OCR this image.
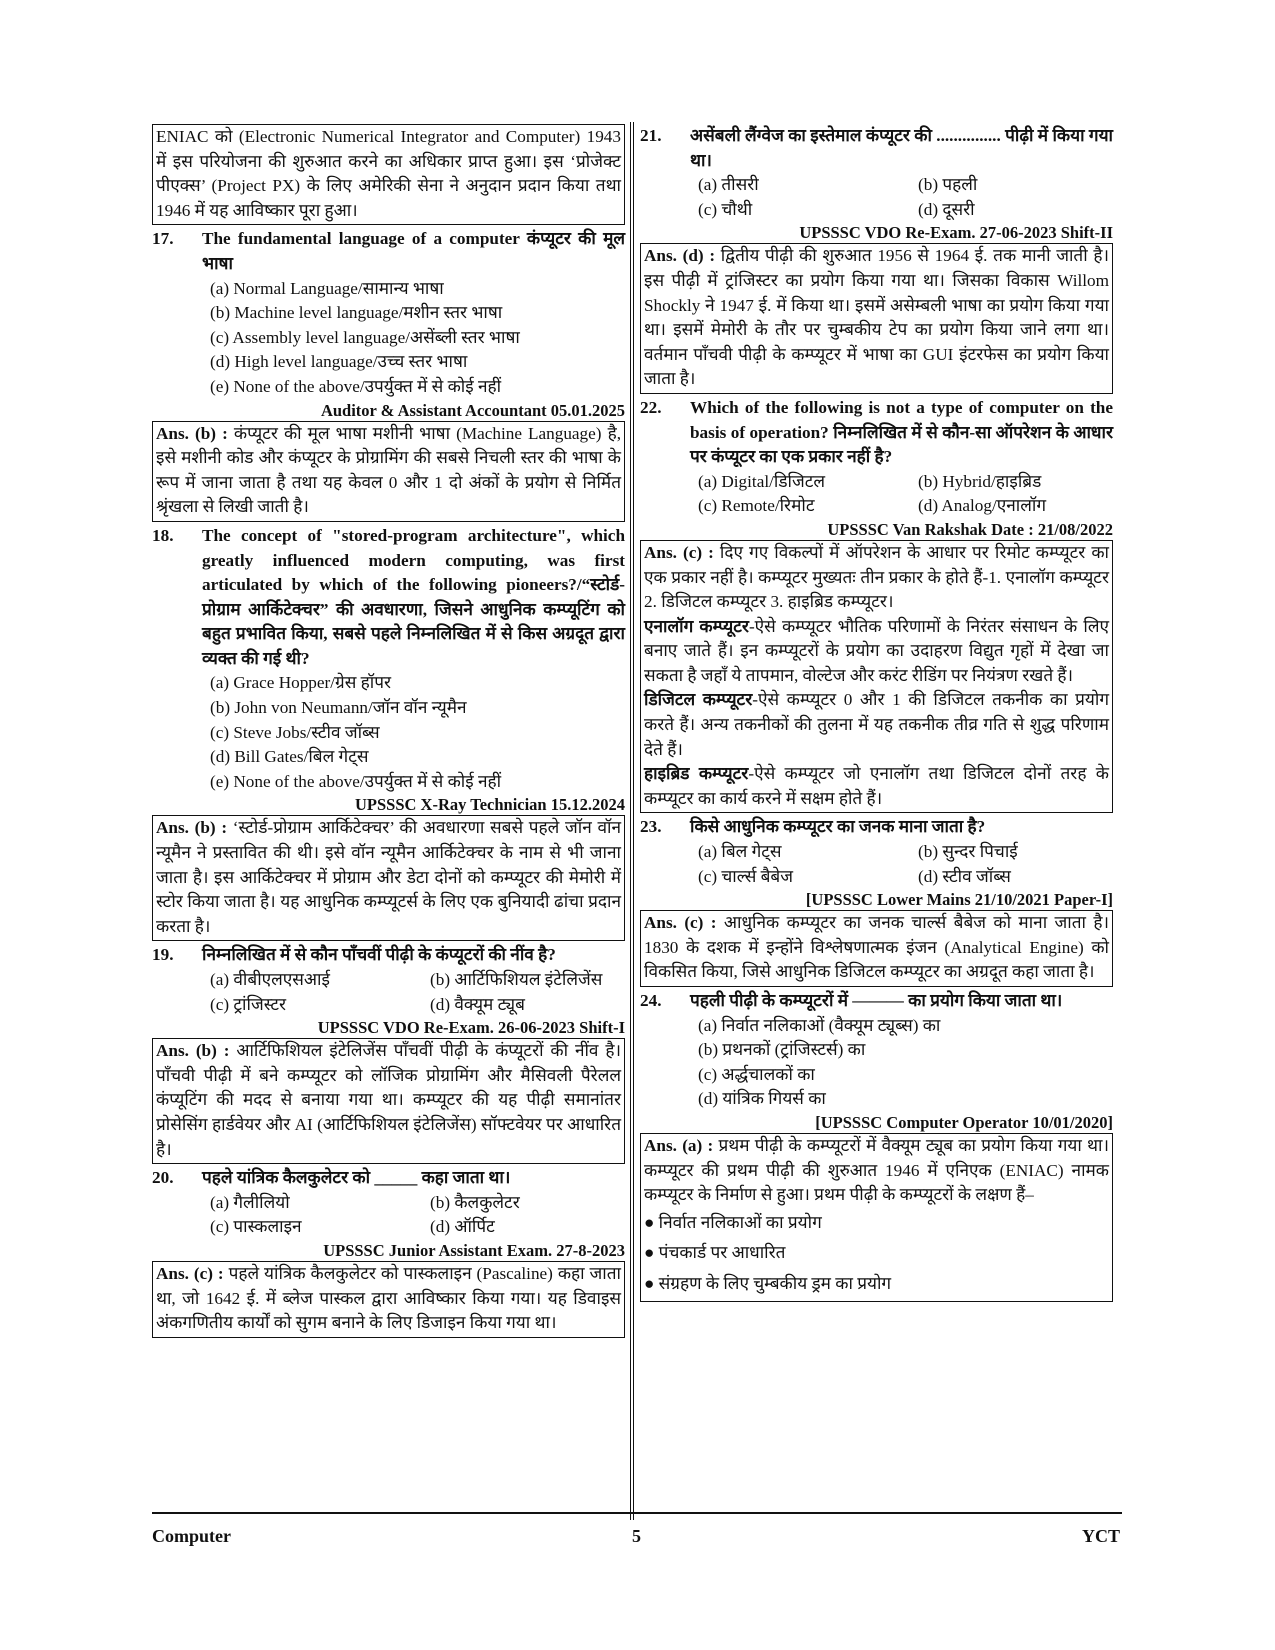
ENIAC को (Electronic Numerical Integrator and Computer) 1943 में इस परियोजना की शुरुआत करने का अधिकार प्राप्त हुआ। इस ‘प्रोजेक्ट पीएक्स’ (Project PX) के लिए अमेरिकी सेना ने अनुदान प्रदान किया तथा 1946 में यह आविष्कार पूरा हुआ।
17.	The fundamental language of a computer कंप्यूटर की मूल भाषा
(a) Normal Language/सामान्य भाषा
(b) Machine level language/मशीन स्तर भाषा
(c) Assembly level language/असेंब्ली स्तर भाषा
(d) High level language/उच्च स्तर भाषा
(e) None of the above/उपर्युक्त में से कोई नहीं
Auditor & Assistant Accountant 05.01.2025
Ans. (b) : कंप्यूटर की मूल भाषा मशीनी भाषा (Machine Language) है, इसे मशीनी कोड और कंप्यूटर के प्रोग्रामिंग की सबसे निचली स्तर की भाषा के रूप में जाना जाता है तथा यह केवल 0 और 1 दो अंकों के प्रयोग से निर्मित श्रृंखला से लिखी जाती है।
18.	The concept of "stored-program architecture", which greatly influenced modern computing, was first articulated by which of the following pioneers?/“स्टोर्ड-प्रोग्राम आर्किटेक्चर” की अवधारणा, जिसने आधुनिक कम्प्यूटिंग को बहुत प्रभावित किया, सबसे पहले निम्नलिखित में से किस अग्रदूत द्वारा व्यक्त की गई थी?
(a) Grace Hopper/ग्रेस हॉपर
(b) John von Neumann/जॉन वॉन न्यूमैन
(c) Steve Jobs/स्टीव जॉब्स
(d) Bill Gates/बिल गेट्स
(e) None of the above/उपर्युक्त में से कोई नहीं
UPSSSC X-Ray Technician 15.12.2024
Ans. (b) : ‘स्टोर्ड-प्रोग्राम आर्किटेक्चर’ की अवधारणा सबसे पहले जॉन वॉन न्यूमैन ने प्रस्तावित की थी। इसे वॉन न्यूमैन आर्किटेक्चर के नाम से भी जाना जाता है। इस आर्किटेक्चर में प्रोग्राम और डेटा दोनों को कम्प्यूटर की मेमोरी में स्टोर किया जाता है। यह आधुनिक कम्प्यूटर्स के लिए एक बुनियादी ढांचा प्रदान करता है।
19.	निम्नलिखित में से कौन पाँचवीं पीढ़ी के कंप्यूटरों की नींव है?
(a) वीबीएलएसआई	(b) आर्टिफिशियल इंटेलिजेंस
(c) ट्रांजिस्टर	(d) वैक्यूम ट्यूब
UPSSSC VDO Re-Exam. 26-06-2023 Shift-I
Ans. (b) : आर्टिफिशियल इंटेलिजेंस पाँचवीं पीढ़ी के कंप्यूटरों की नींव है। पाँचवी पीढ़ी में बने कम्प्यूटर को लॉजिक प्रोग्रामिंग और मैसिवली पैरेलल कंप्यूटिंग की मदद से बनाया गया था। कम्प्यूटर की यह पीढ़ी समानांतर प्रोसेसिंग हार्डवेयर और AI (आर्टिफिशियल इंटेलिजेंस) सॉफ्टवेयर पर आधारित है।
20.	पहले यांत्रिक कैलकुलेटर को _____ कहा जाता था।
(a) गैलीलियो	(b) कैलकुलेटर
(c) पास्कलाइन	(d) ऑर्पिट
UPSSSC Junior Assistant Exam. 27-8-2023
Ans. (c) : पहले यांत्रिक कैलकुलेटर को पास्कलाइन (Pascaline) कहा जाता था, जो 1642 ई. में ब्लेज पास्कल द्वारा आविष्कार किया गया। यह डिवाइस अंकगणितीय कार्यों को सुगम बनाने के लिए डिजाइन किया गया था।
21.	असेंबली लैंग्वेज का इस्तेमाल कंप्यूटर की ............... पीढ़ी में किया गया था।
(a) तीसरी	(b) पहली
(c) चौथी	(d) दूसरी
UPSSSC VDO Re-Exam. 27-06-2023 Shift-II
Ans. (d) : द्वितीय पीढ़ी की शुरुआत 1956 से 1964 ई. तक मानी जाती है। इस पीढ़ी में ट्रांजिस्टर का प्रयोग किया गया था। जिसका विकास Willom Shockly ने 1947 ई. में किया था। इसमें असेम्बली भाषा का प्रयोग किया गया था। इसमें मेमोरी के तौर पर चुम्बकीय टेप का प्रयोग किया जाने लगा था। वर्तमान पाँचवी पीढ़ी के कम्प्यूटर में भाषा का GUI इंटरफेस का प्रयोग किया जाता है।
22.	Which of the following is not a type of computer on the basis of operation? निम्नलिखित में से कौन-सा ऑपरेशन के आधार पर कंप्यूटर का एक प्रकार नहीं है?
(a) Digital/डिजिटल	(b) Hybrid/हाइब्रिड
(c) Remote/रिमोट	(d) Analog/एनालॉग
UPSSSC Van Rakshak Date : 21/08/2022
Ans. (c) : दिए गए विकल्पों में ऑपरेशन के आधार पर रिमोट कम्प्यूटर का एक प्रकार नहीं है। कम्प्यूटर मुख्यतः तीन प्रकार के होते हैं-1. एनालॉग कम्प्यूटर 2. डिजिटल कम्प्यूटर 3. हाइब्रिड कम्प्यूटर।
एनालॉग कम्प्यूटर-ऐसे कम्प्यूटर भौतिक परिणामों के निरंतर संसाधन के लिए बनाए जाते हैं। इन कम्प्यूटरों के प्रयोग का उदाहरण विद्युत गृहों में देखा जा सकता है जहाँ ये तापमान, वोल्टेज और करंट रीडिंग पर नियंत्रण रखते हैं।
डिजिटल कम्प्यूटर-ऐसे कम्प्यूटर 0 और 1 की डिजिटल तकनीक का प्रयोग करते हैं। अन्य तकनीकों की तुलना में यह तकनीक तीव्र गति से शुद्ध परिणाम देते हैं।
हाइब्रिड कम्प्यूटर-ऐसे कम्प्यूटर जो एनालॉग तथा डिजिटल दोनों तरह के कम्प्यूटर का कार्य करने में सक्षम होते हैं।
23.	किसे आधुनिक कम्प्यूटर का जनक माना जाता है?
(a) बिल गेट्स	(b) सुन्दर पिचाई
(c) चार्ल्स बैबेज	(d) स्टीव जॉब्स
[UPSSSC Lower Mains 21/10/2021 Paper-I]
Ans. (c) : आधुनिक कम्प्यूटर का जनक चार्ल्स बैबेज को माना जाता है। 1830 के दशक में इन्होंने विश्लेषणात्मक इंजन (Analytical Engine) को विकसित किया, जिसे आधुनिक डिजिटल कम्प्यूटर का अग्रदूत कहा जाता है।
24.	पहली पीढ़ी के कम्प्यूटरों में ——— का प्रयोग किया जाता था।
(a) निर्वात नलिकाओं (वैक्यूम ट्यूब्स) का
(b) प्रथनकों (ट्रांजिस्टर्स) का
(c) अर्द्धचालकों का
(d) यांत्रिक गियर्स का
[UPSSSC Computer Operator 10/01/2020]
Ans. (a) : प्रथम पीढ़ी के कम्प्यूटरों में वैक्यूम ट्यूब का प्रयोग किया गया था। कम्प्यूटर की प्रथम पीढ़ी की शुरुआत 1946 में एनिएक (ENIAC) नामक कम्प्यूटर के निर्माण से हुआ। प्रथम पीढ़ी के कम्प्यूटरों के लक्षण हैं–
● निर्वात नलिकाओं का प्रयोग
● पंचकार्ड पर आधारित
● संग्रहण के लिए चुम्बकीय ड्रम का प्रयोग
Computer	5	YCT
